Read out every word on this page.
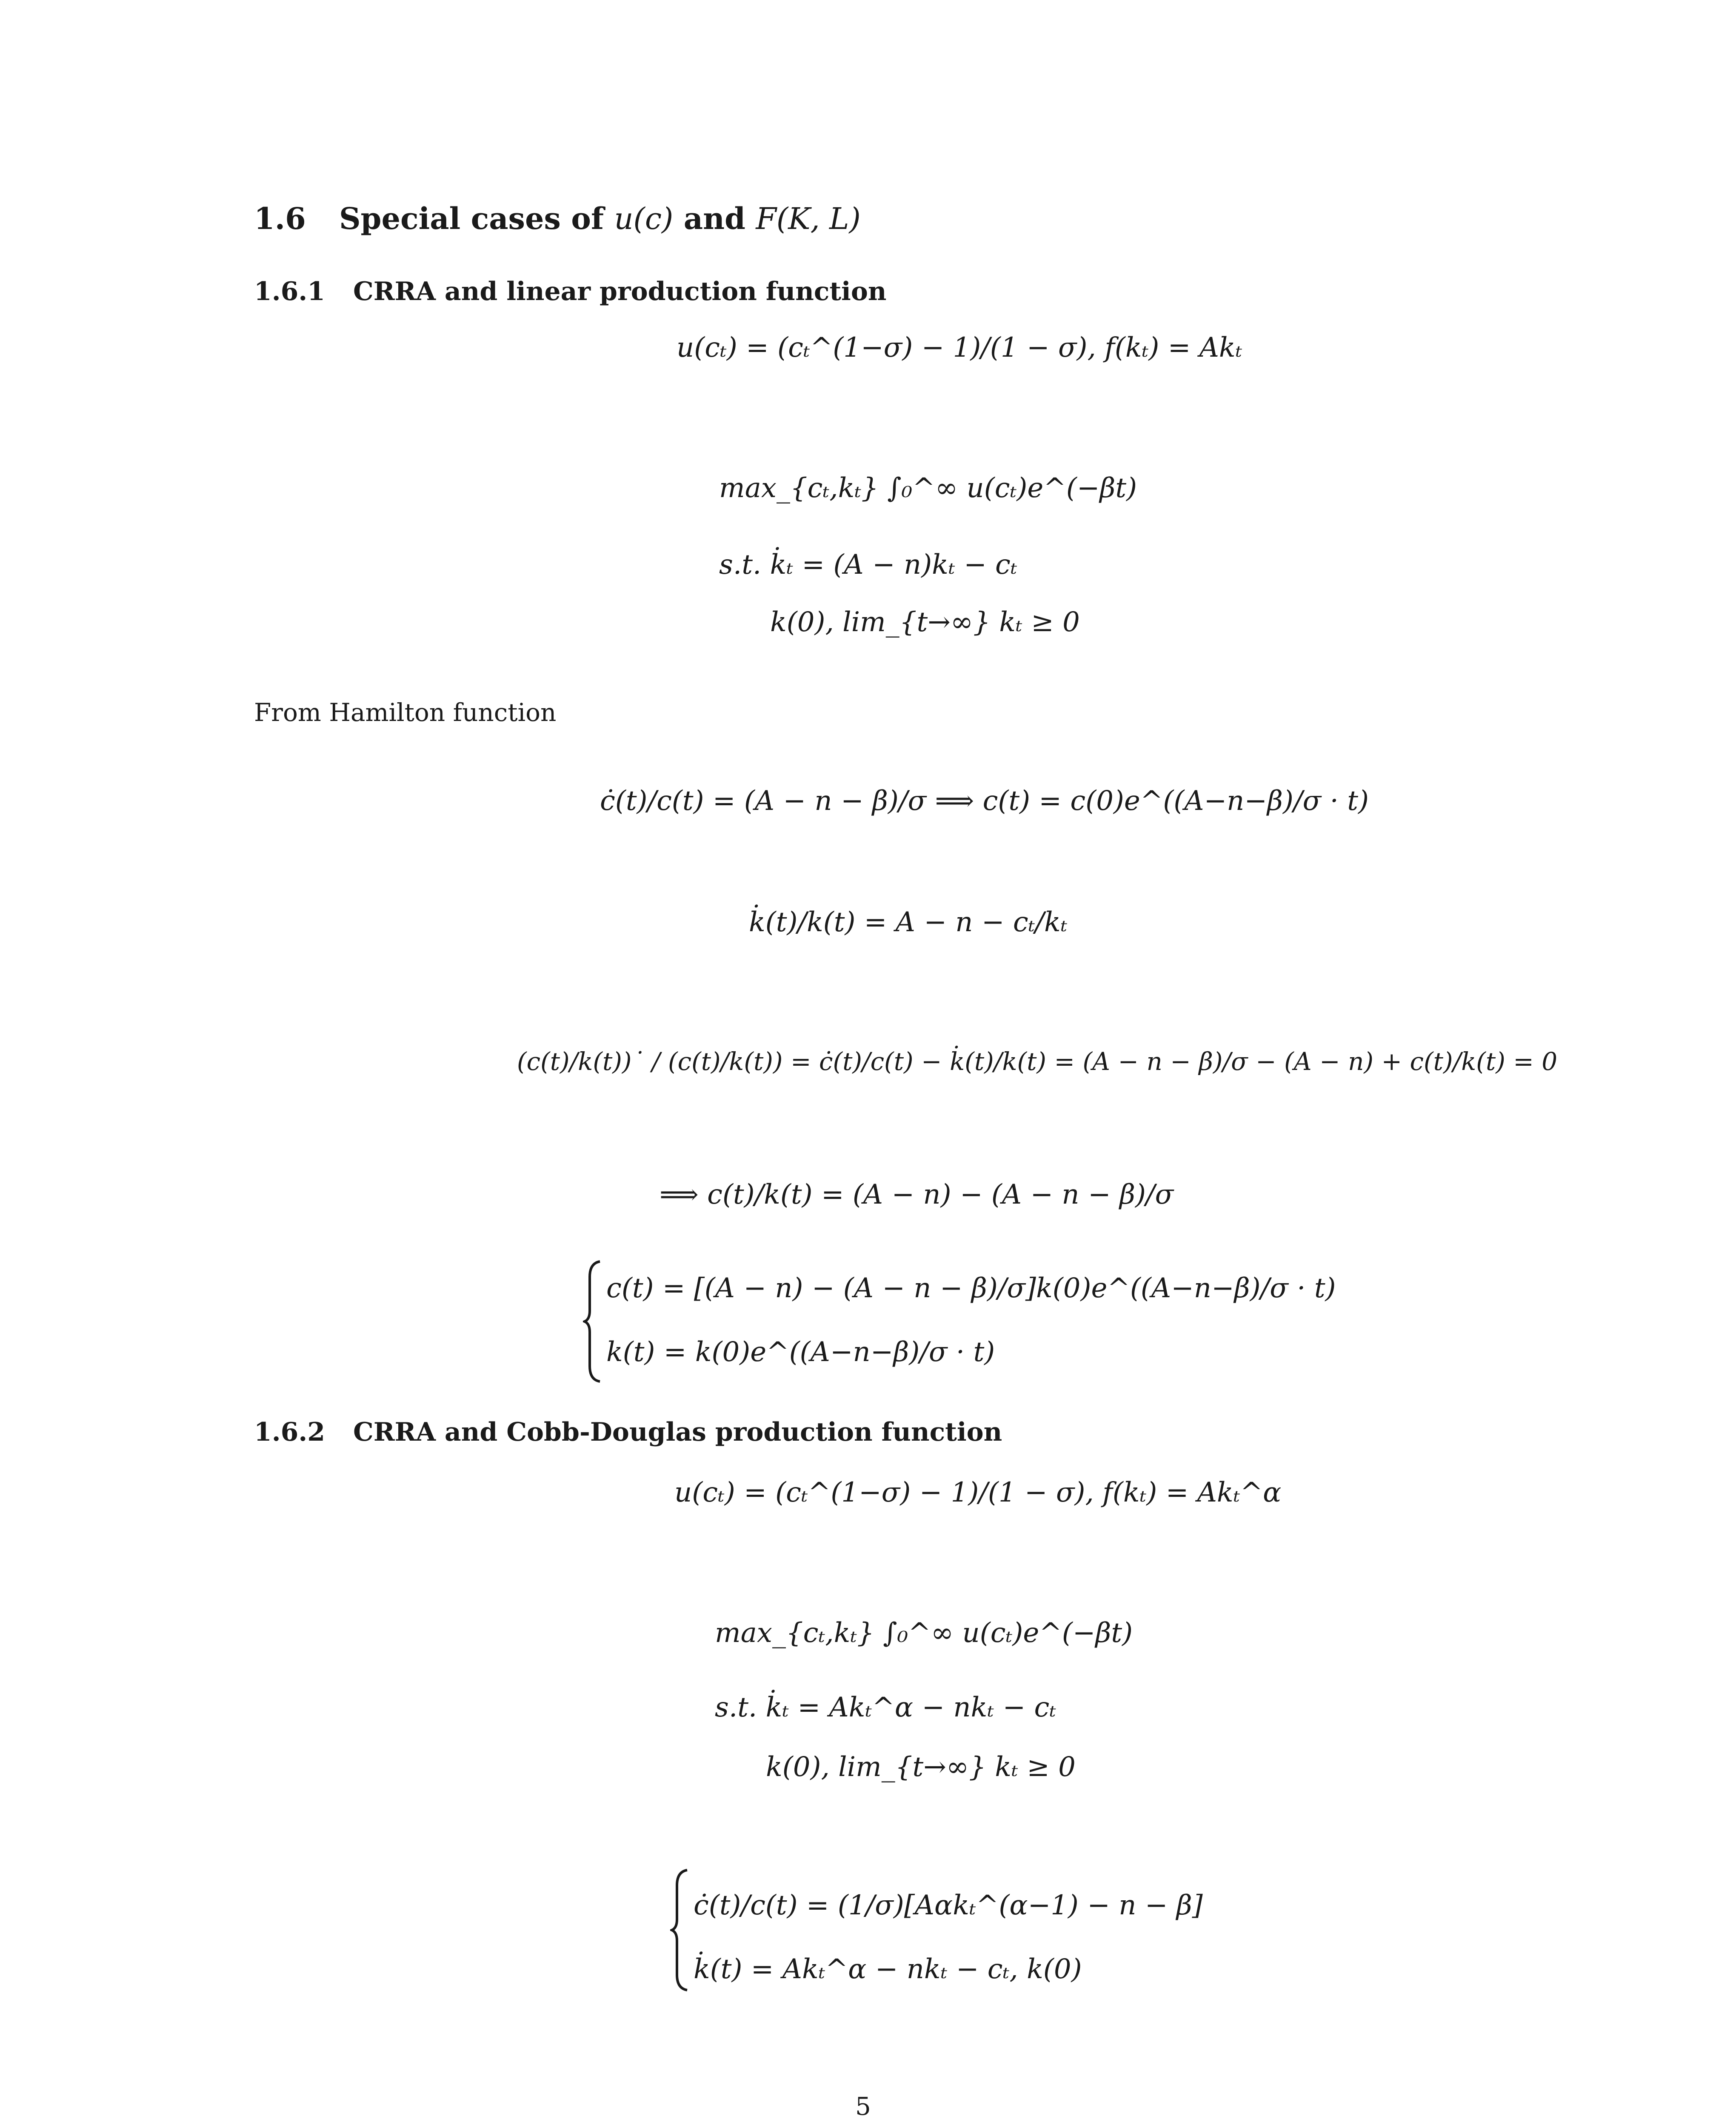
1.6 Special cases of u(c) and F(K, L)
1.6.1 CRRA and linear production function
u(cₜ) = (cₜ^(1−σ) − 1)/(1 − σ), f(kₜ) = Akₜ
max_{cₜ,kₜ} ∫₀^∞ u(cₜ)e^(−βt)
s.t. k̇ₜ = (A − n)kₜ − cₜ
k(0), lim_{t→∞} kₜ ≥ 0
From Hamilton function
ċ(t)/c(t) = (A − n − β)/σ ⟹ c(t) = c(0)e^((A−n−β)/σ · t)
k̇(t)/k(t) = A − n − cₜ/kₜ
(c(t)/k(t))˙ / (c(t)/k(t)) = ċ(t)/c(t) − k̇(t)/k(t) = (A − n − β)/σ − (A − n) + c(t)/k(t) = 0
⟹ c(t)/k(t) = (A − n) − (A − n − β)/σ
c(t) = [(A − n) − (A − n − β)/σ]k(0)e^((A−n−β)/σ · t)
k(t) = k(0)e^((A−n−β)/σ · t)
1.6.2 CRRA and Cobb-Douglas production function
u(cₜ) = (cₜ^(1−σ) − 1)/(1 − σ), f(kₜ) = Akₜ^α
max_{cₜ,kₜ} ∫₀^∞ u(cₜ)e^(−βt)
s.t. k̇ₜ = Akₜ^α − nkₜ − cₜ
k(0), lim_{t→∞} kₜ ≥ 0
ċ(t)/c(t) = (1/σ)[Aαkₜ^(α−1) − n − β]
k̇(t) = Akₜ^α − nkₜ − cₜ, k(0)
5
